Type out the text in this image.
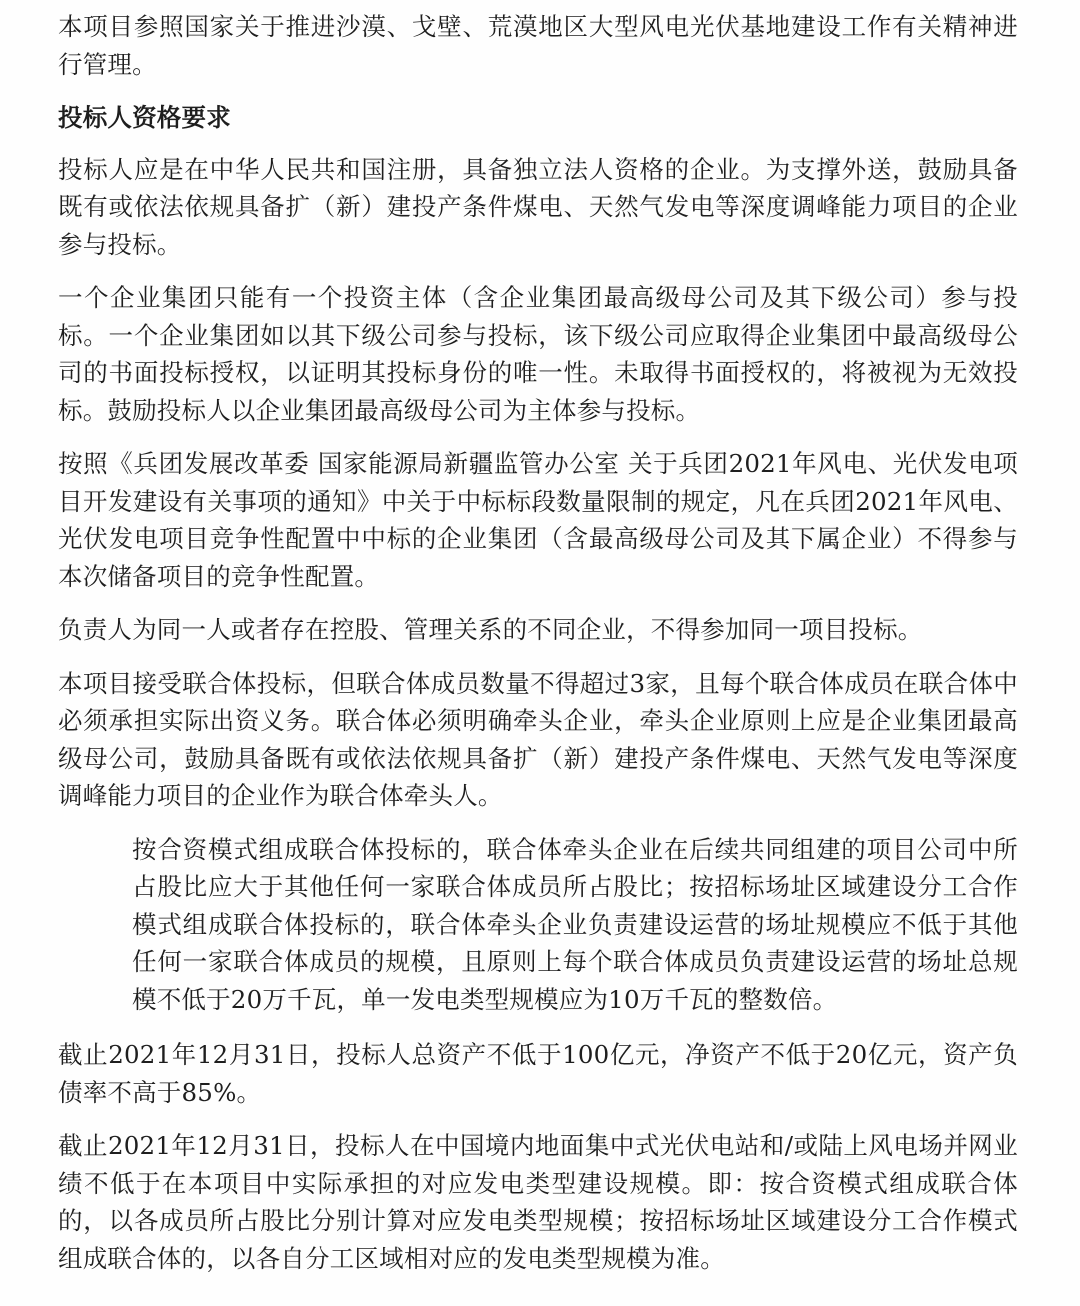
本项目参照国家关于推进沙漠、戈壁、荒漠地区大型风电光伏基地建设工作有关精神进行管理。

投标人资格要求

投标人应是在中华人民共和国注册，具备独立法人资格的企业。为支撑外送，鼓励具备既有或依法依规具备扩（新）建投产条件煤电、天然气发电等深度调峰能力项目的企业参与投标。

一个企业集团只能有一个投资主体（含企业集团最高级母公司及其下级公司）参与投标。一个企业集团如以其下级公司参与投标，该下级公司应取得企业集团中最高级母公司的书面投标授权，以证明其投标身份的唯一性。未取得书面授权的，将被视为无效投标。鼓励投标人以企业集团最高级母公司为主体参与投标。

按照《兵团发展改革委 国家能源局新疆监管办公室 关于兵团2021年风电、光伏发电项目开发建设有关事项的通知》中关于中标标段数量限制的规定，凡在兵团2021年风电、光伏发电项目竞争性配置中中标的企业集团（含最高级母公司及其下属企业）不得参与本次储备项目的竞争性配置。

负责人为同一人或者存在控股、管理关系的不同企业，不得参加同一项目投标。

本项目接受联合体投标，但联合体成员数量不得超过3家，且每个联合体成员在联合体中必须承担实际出资义务。联合体必须明确牵头企业，牵头企业原则上应是企业集团最高级母公司，鼓励具备既有或依法依规具备扩（新）建投产条件煤电、天然气发电等深度调峰能力项目的企业作为联合体牵头人。

按合资模式组成联合体投标的，联合体牵头企业在后续共同组建的项目公司中所占股比应大于其他任何一家联合体成员所占股比；按招标场址区域建设分工合作模式组成联合体投标的，联合体牵头企业负责建设运营的场址规模应不低于其他任何一家联合体成员的规模，且原则上每个联合体成员负责建设运营的场址总规模不低于20万千瓦，单一发电类型规模应为10万千瓦的整数倍。

截止2021年12月31日，投标人总资产不低于100亿元，净资产不低于20亿元，资产负债率不高于85%。

截止2021年12月31日，投标人在中国境内地面集中式光伏电站和/或陆上风电场并网业绩不低于在本项目中实际承担的对应发电类型建设规模。即：按合资模式组成联合体的，以各成员所占股比分别计算对应发电类型规模；按招标场址区域建设分工合作模式组成联合体的，以各自分工区域相对应的发电类型规模为准。
